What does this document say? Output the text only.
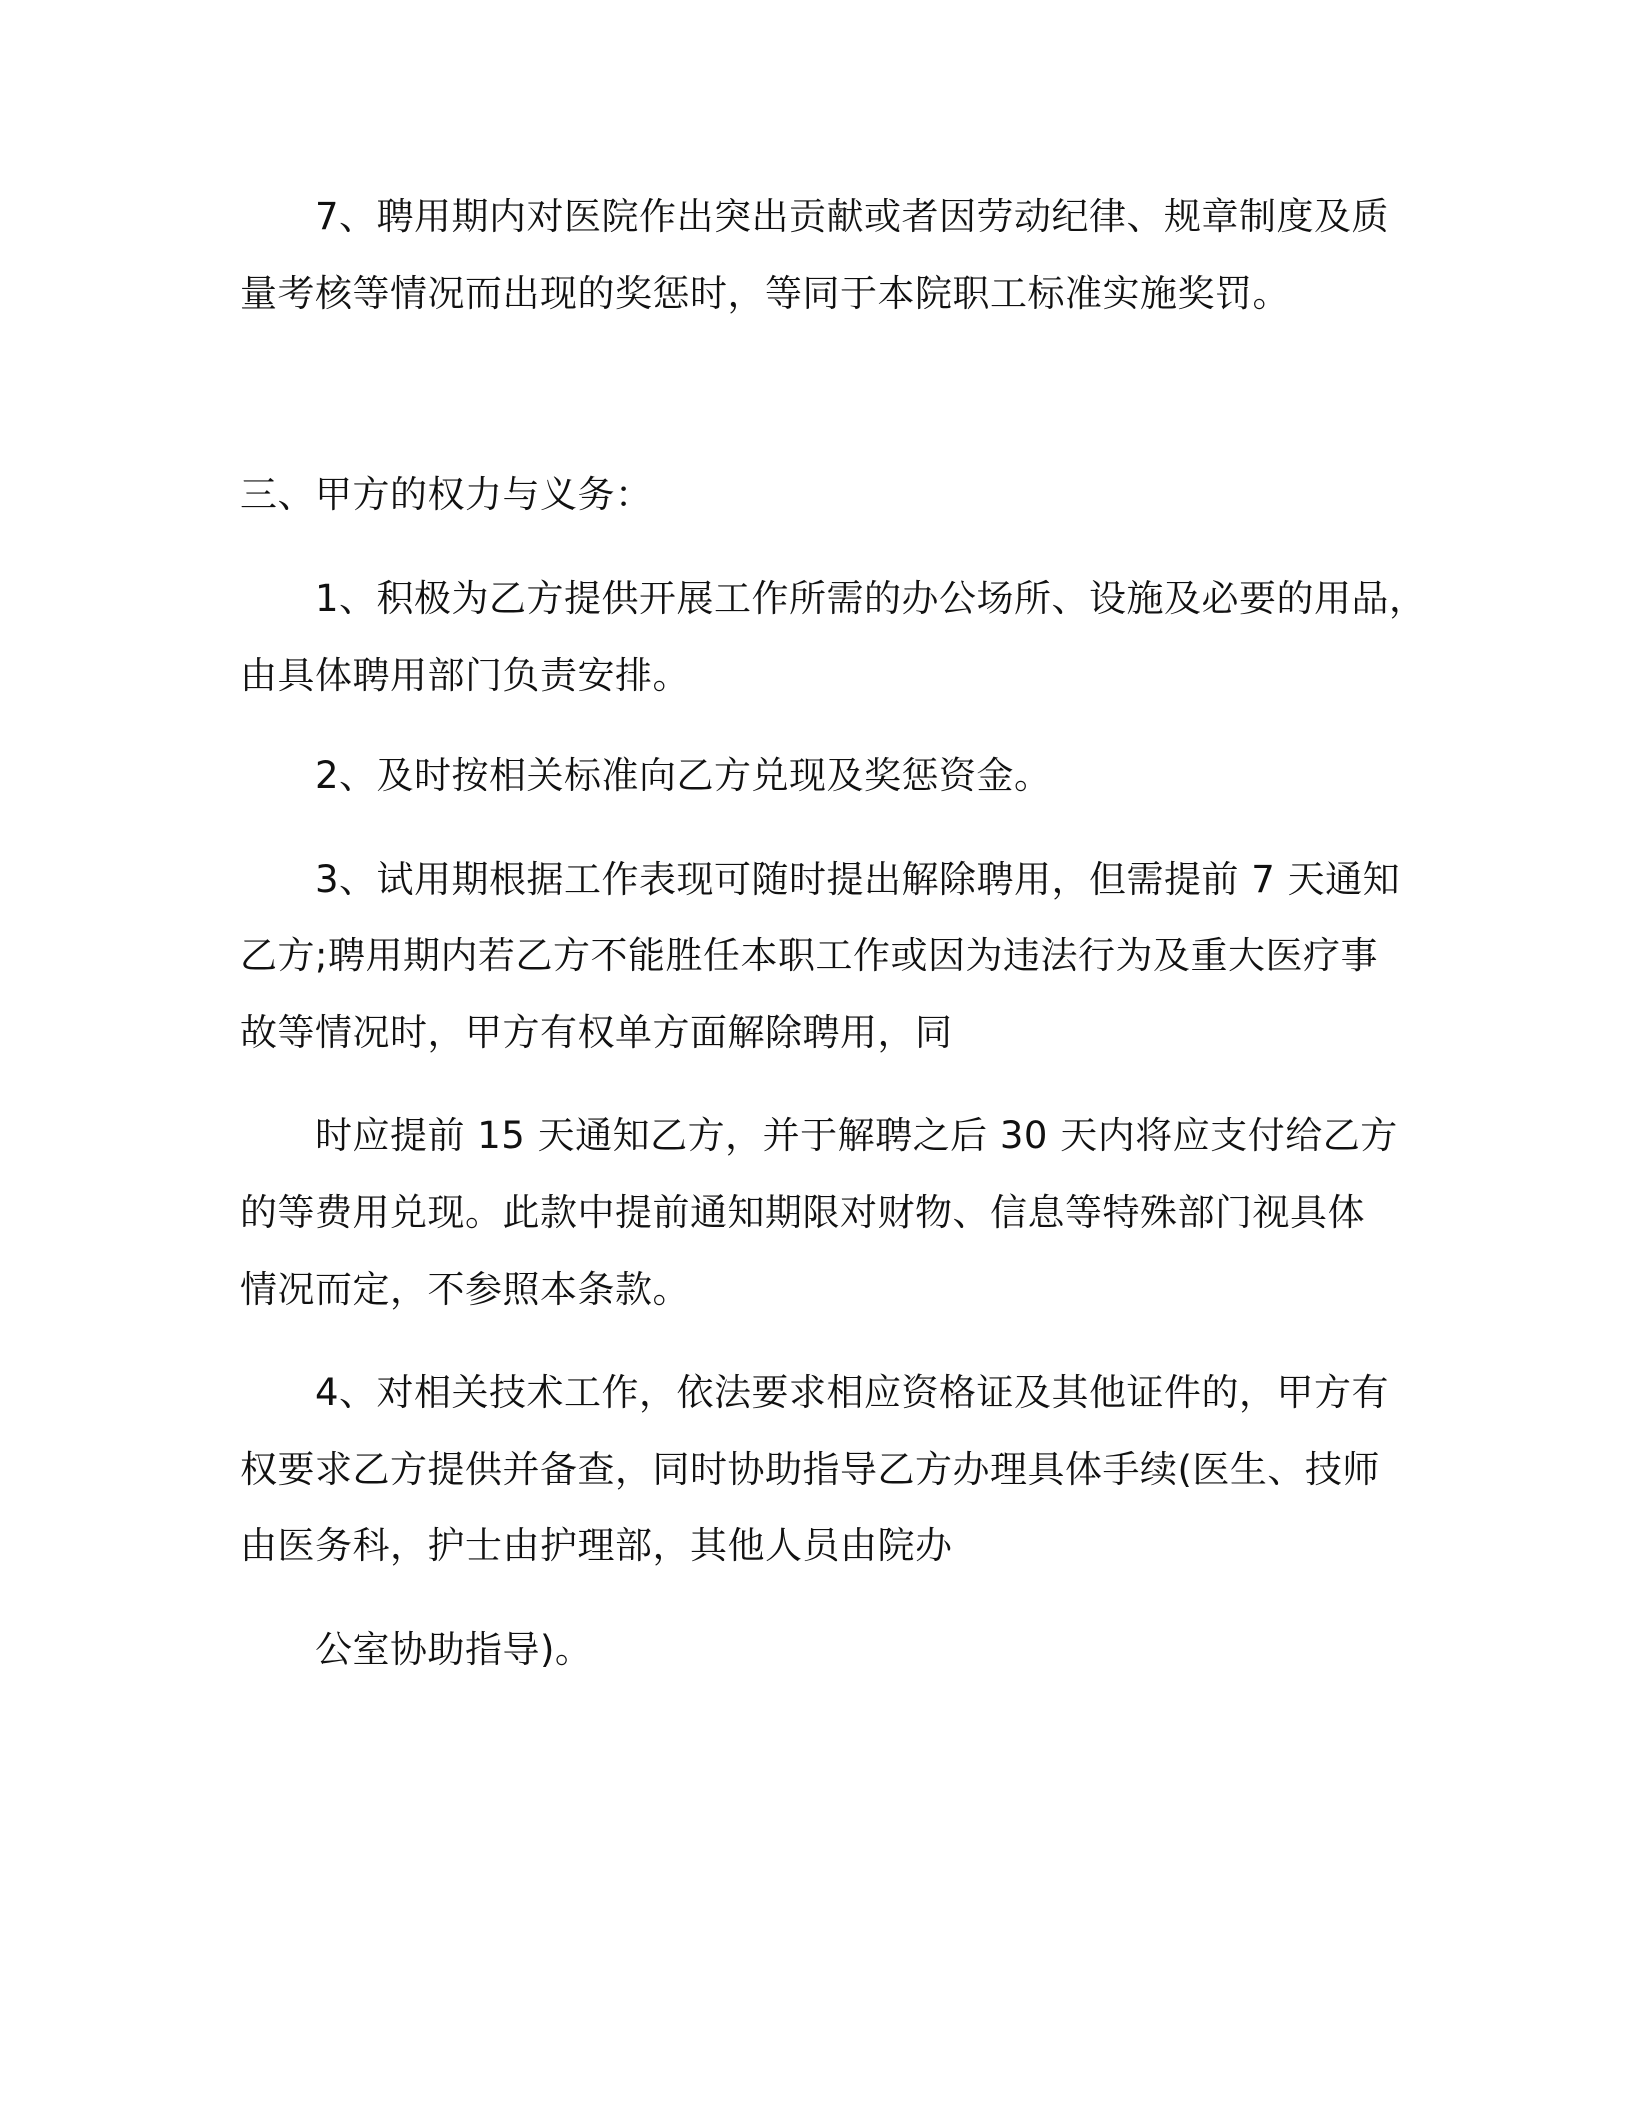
7、聘用期内对医院作出突出贡献或者因劳动纪律、规章制度及质
量考核等情况而出现的奖惩时，等同于本院职工标准实施奖罚。
三、甲方的权力与义务：
1、积极为乙方提供开展工作所需的办公场所、设施及必要的用品，
由具体聘用部门负责安排。
2、及时按相关标准向乙方兑现及奖惩资金。
3、试用期根据工作表现可随时提出解除聘用，但需提前 7 天通知
乙方;聘用期内若乙方不能胜任本职工作或因为违法行为及重大医疗事
故等情况时，甲方有权单方面解除聘用，同
时应提前 15 天通知乙方，并于解聘之后 30 天内将应支付给乙方
的等费用兑现。此款中提前通知期限对财物、信息等特殊部门视具体
情况而定，不参照本条款。
4、对相关技术工作，依法要求相应资格证及其他证件的，甲方有
权要求乙方提供并备查，同时协助指导乙方办理具体手续(医生、技师
由医务科，护士由护理部，其他人员由院办
公室协助指导)。
